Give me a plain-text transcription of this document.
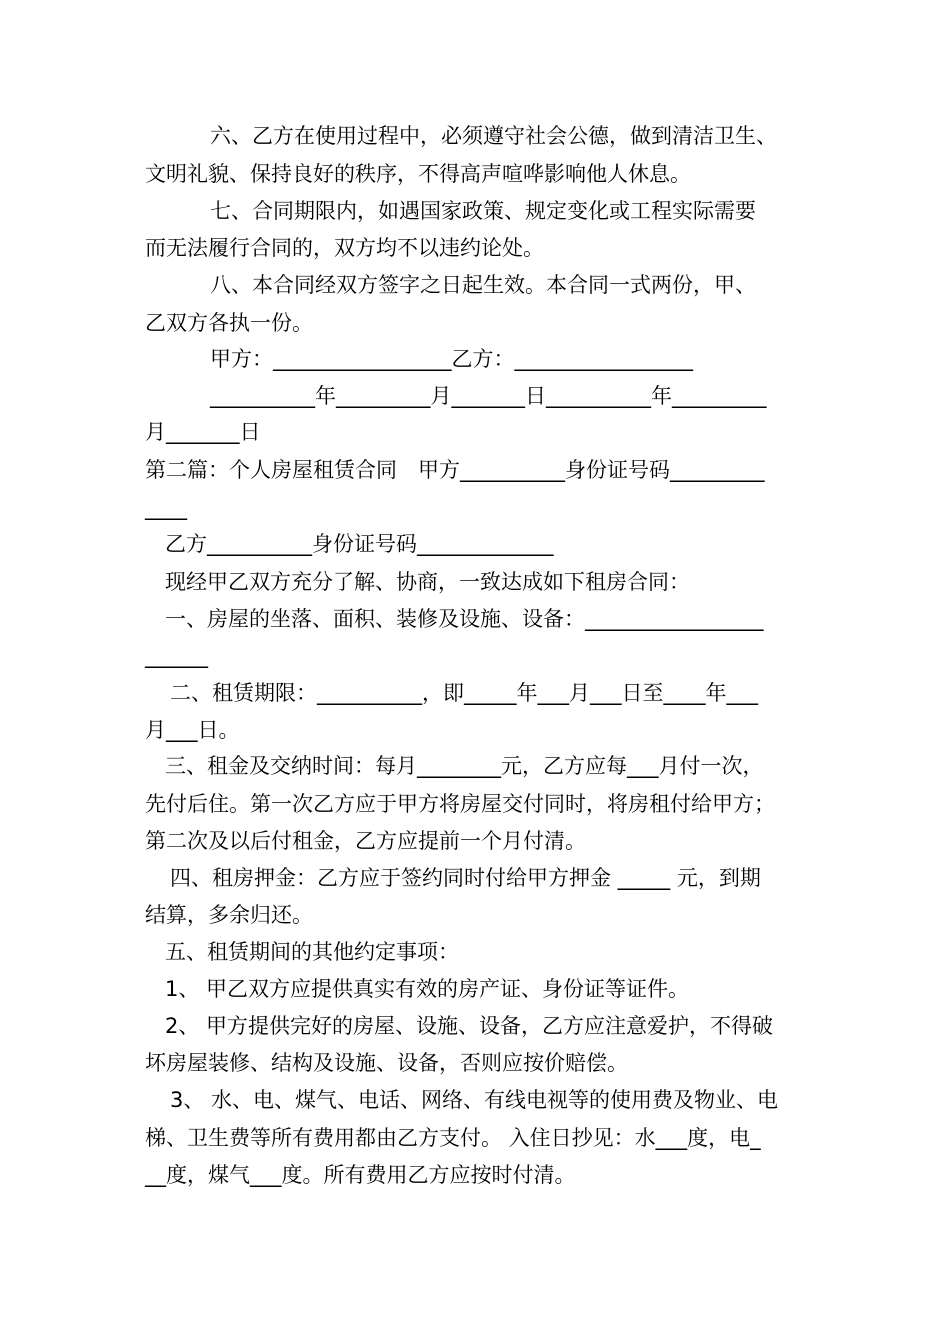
六、乙方在使用过程中，必须遵守社会公德，做到清洁卫生、

文明礼貌、保持良好的秩序，不得高声喧哗影响他人休息。

七、合同期限内，如遇国家政策、规定变化或工程实际需要

而无法履行合同的，双方均不以违约论处。

八、本合同经双方签字之日起生效。本合同一式两份，甲、

乙双方各执一份。

甲方：_________________乙方：_________________

__________年_________月_______日__________年_________

月_______日

第二篇：个人房屋租赁合同　甲方__________身份证号码_________

____

乙方__________身份证号码_____________

现经甲乙双方充分了解、协商，一致达成如下租房合同：

一、房屋的坐落、面积、装修及设施、设备：_________________

______

二、租赁期限：__________，即_____年___月___日至____年___

月___日。

三、租金及交纳时间：每月________元，乙方应每___月付一次，

先付后住。第一次乙方应于甲方将房屋交付同时，将房租付给甲方；

第二次及以后付租金，乙方应提前一个月付清。

四、租房押金：乙方应于签约同时付给甲方押金 _____ 元，到期

结算，多余归还。

五、租赁期间的其他约定事项：

1、 甲乙双方应提供真实有效的房产证、身份证等证件。

2、 甲方提供完好的房屋、设施、设备，乙方应注意爱护，不得破

坏房屋装修、结构及设施、设备，否则应按价赔偿。

3、 水、电、煤气、电话、网络、有线电视等的使用费及物业、电

梯、卫生费等所有费用都由乙方支付。 入住日抄见：水___度，电_

__度，煤气___度。所有费用乙方应按时付清。
